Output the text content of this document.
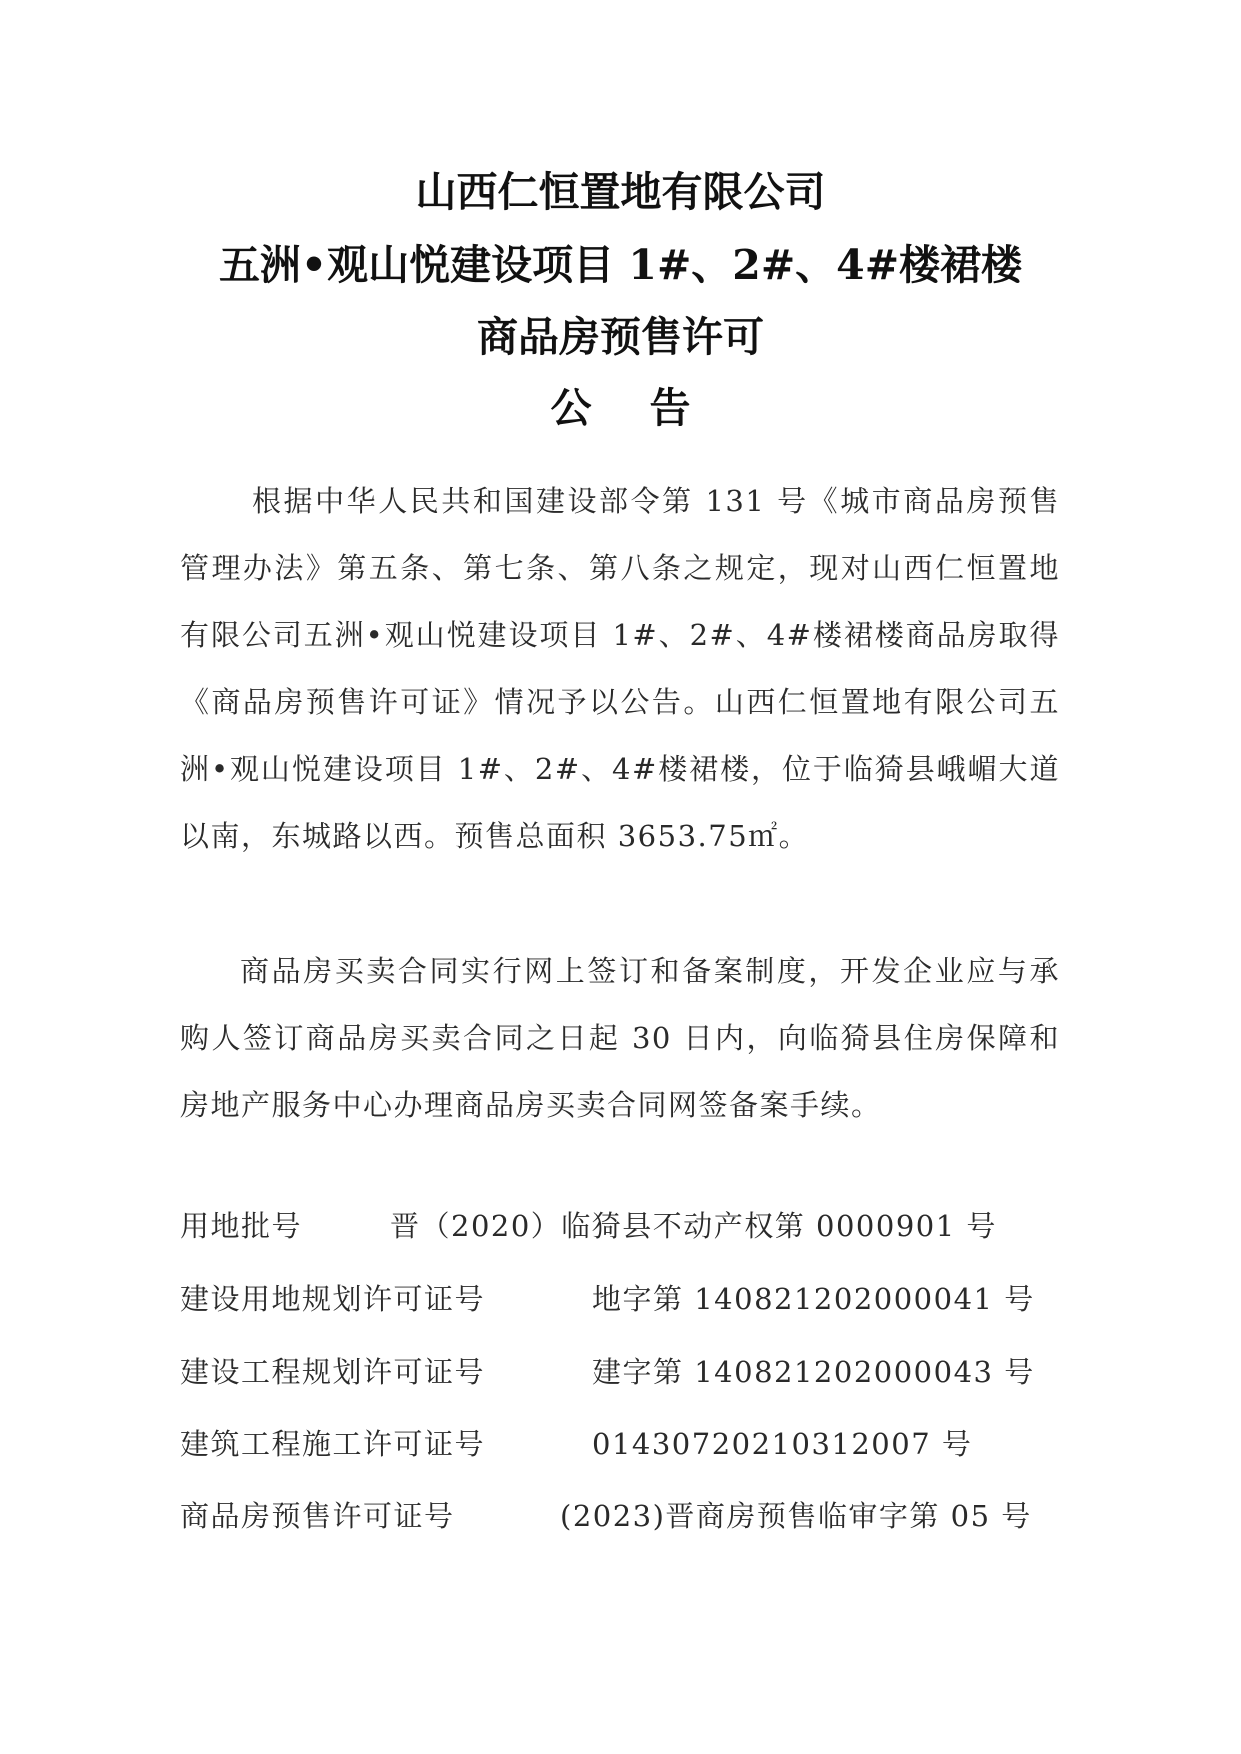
山西仁恒置地有限公司
五洲•观山悦建设项目 1#、2#、4#楼裙楼
商品房预售许可
公告
根据中华人民共和国建设部令第 131 号《城市商品房预售管理办法》第五条、第七条、第八条之规定，现对山西仁恒置地有限公司五洲•观山悦建设项目 1#、2#、4#楼裙楼商品房取得《商品房预售许可证》情况予以公告。山西仁恒置地有限公司五洲•观山悦建设项目 1#、2#、4#楼裙楼，位于临猗县峨嵋大道以南，东城路以西。预售总面积 3653.75㎡。
商品房买卖合同实行网上签订和备案制度，开发企业应与承购人签订商品房买卖合同之日起 30 日内，向临猗县住房保障和房地产服务中心办理商品房买卖合同网签备案手续。
用地批号	晋（2020）临猗县不动产权第 0000901 号
建设用地规划许可证号	地字第 140821202000041 号
建设工程规划许可证号	建字第 140821202000043 号
建筑工程施工许可证号	014307202103120​07 号
商品房预售许可证号	(2023)晋商房预售临审字第 05 号
